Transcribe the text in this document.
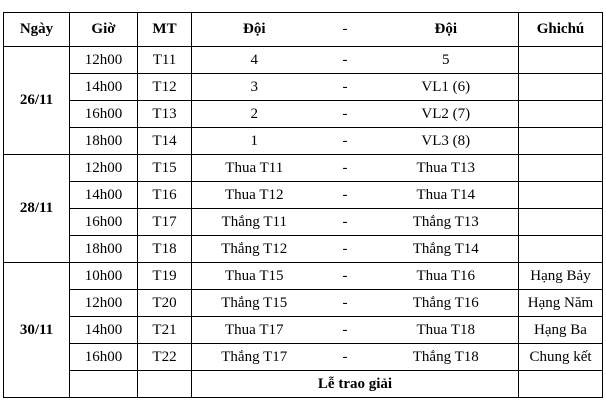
Ngày	Giờ	MT	Đội	-	Đội	Ghichú
26/11	12h00	T11	4	-	5	
	14h00	T12	3	-	VL1 (6)	
	16h00	T13	2	-	VL2 (7)	
	18h00	T14	1	-	VL3 (8)	
28/11	12h00	T15	Thua T11	-	Thua T13	
	14h00	T16	Thua T12	-	Thua T14	
	16h00	T17	Thắng T11	-	Thắng T13	
	18h00	T18	Thắng T12	-	Thắng T14	
30/11	10h00	T19	Thua T15	-	Thua T16	Hạng Bảy
	12h00	T20	Thắng T15	-	Thắng T16	Hạng Năm
	14h00	T21	Thua T17	-	Thua T18	Hạng Ba
	16h00	T22	Thắng T17	-	Thắng T18	Chung kết
			Lễ trao giải			
